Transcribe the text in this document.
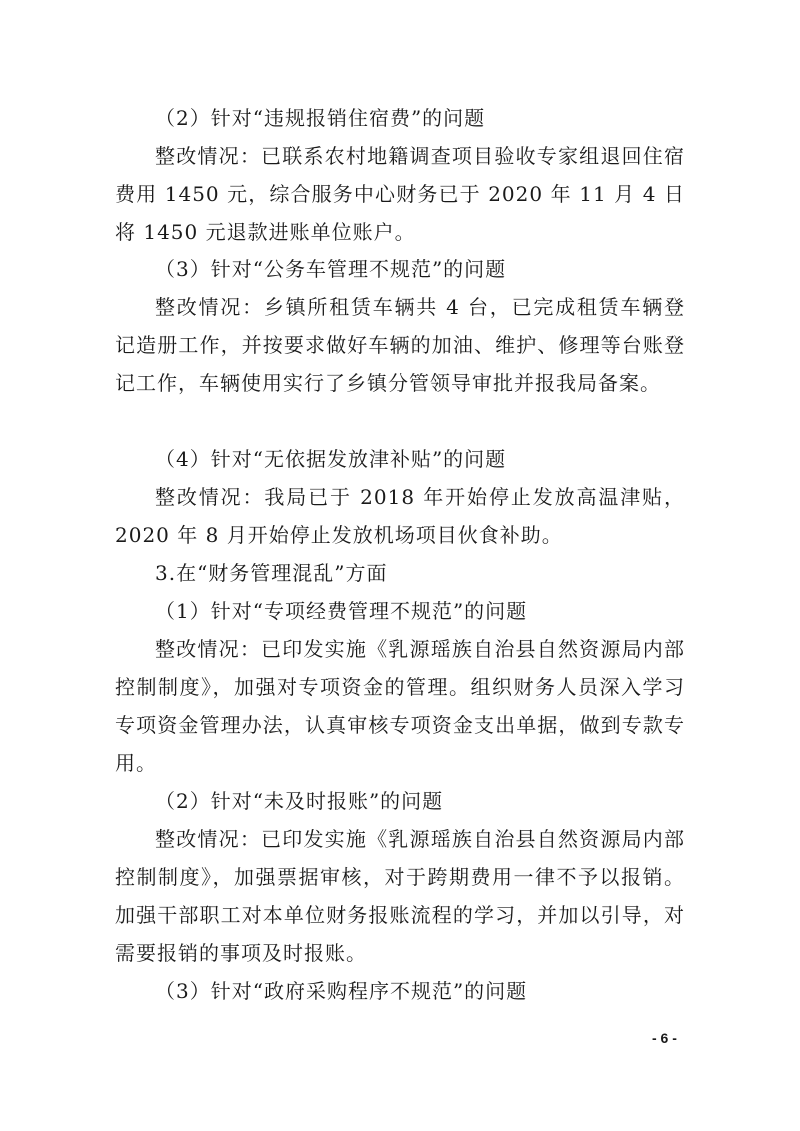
（2）针对“违规报销住宿费”的问题

整改情况：已联系农村地籍调查项目验收专家组退回住宿费用 1450 元，综合服务中心财务已于 2020 年 11 月 4 日将 1450 元退款进账单位账户。

（3）针对“公务车管理不规范”的问题

整改情况：乡镇所租赁车辆共 4 台，已完成租赁车辆登记造册工作，并按要求做好车辆的加油、维护、修理等台账登记工作，车辆使用实行了乡镇分管领导审批并报我局备案。

（4）针对“无依据发放津补贴”的问题

整改情况：我局已于 2018 年开始停止发放高温津贴，2020 年 8 月开始停止发放机场项目伙食补助。

3.在“财务管理混乱”方面

（1）针对“专项经费管理不规范”的问题

整改情况：已印发实施《乳源瑶族自治县自然资源局内部控制制度》，加强对专项资金的管理。组织财务人员深入学习专项资金管理办法，认真审核专项资金支出单据，做到专款专用。

（2）针对“未及时报账”的问题

整改情况：已印发实施《乳源瑶族自治县自然资源局内部控制制度》，加强票据审核，对于跨期费用一律不予以报销。加强干部职工对本单位财务报账流程的学习，并加以引导，对需要报销的事项及时报账。

（3）针对“政府采购程序不规范”的问题

- 6 -
